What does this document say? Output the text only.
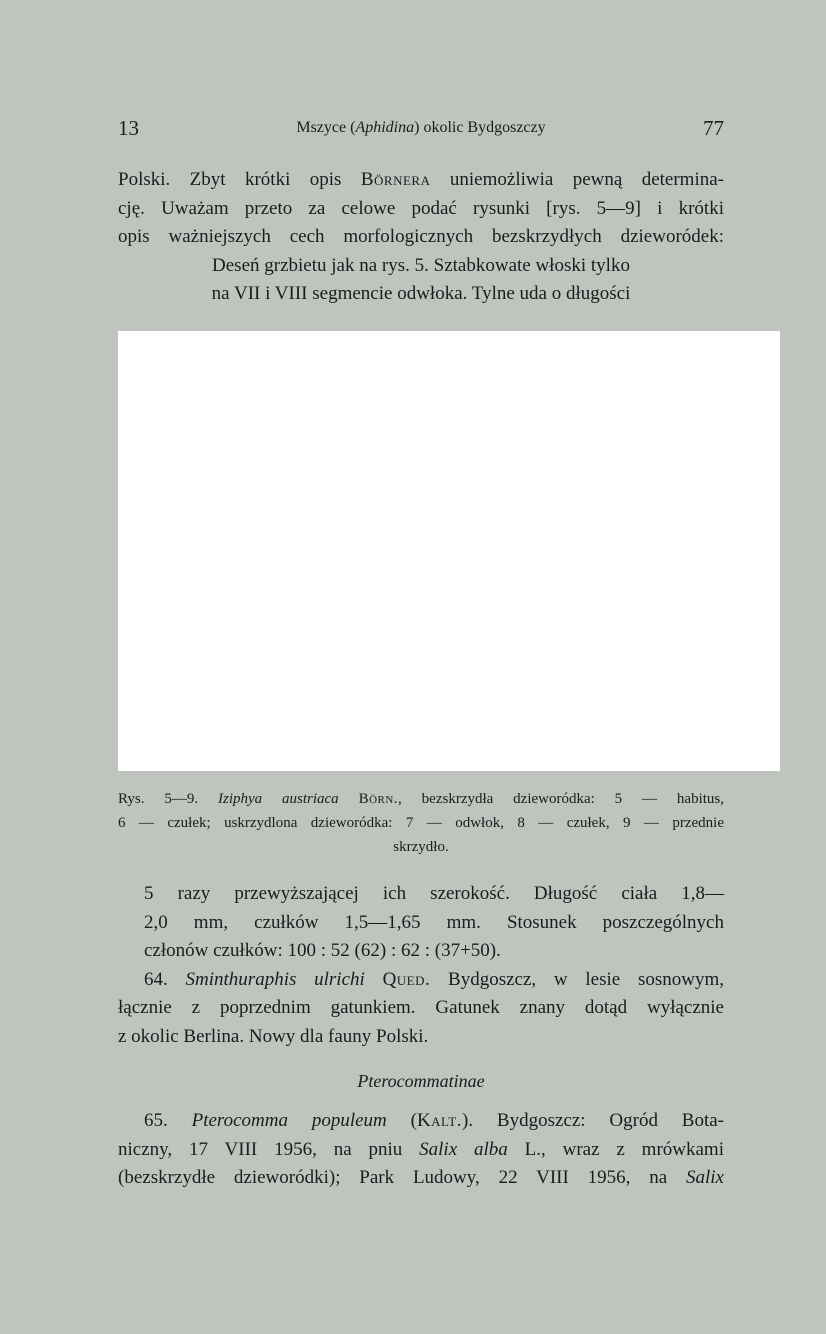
13	Mszyce (Aphidina) okolic Bydgoszczy	77
Polski. Zbyt krótki opis Börnera uniemożliwia pewną determina-
cję. Uważam przeto za celowe podać rysunki [rys. 5—9] i krótki
opis ważniejszych cech morfologicznych bezskrzydłych dzieworódek:
Deseń grzbietu jak na rys. 5. Sztabkowate włoski tylko
na VII i VIII segmencie odwłoka. Tylne uda o długości
Rys. 5—9. Iziphya austriaca Börn., bezskrzydła dzieworódka: 5 — habitus,
6 — czułek; uskrzydlona dzieworódka: 7 — odwłok, 8 — czułek, 9 — przednie
skrzydło.
5 razy przewyższającej ich szerokość. Długość ciała 1,8—
2,0 mm, czułków 1,5—1,65 mm. Stosunek poszczególnych
członów czułków: 100 : 52 (62) : 62 : (37+50).
64. Sminthuraphis ulrichi Qued. Bydgoszcz, w lesie sosnowym,
łącznie z poprzednim gatunkiem. Gatunek znany dotąd wyłącznie
z okolic Berlina. Nowy dla fauny Polski.
Pterocommatinae
65. Pterocomma populeum (Kalt.). Bydgoszcz: Ogród Bota-
niczny, 17 VIII 1956, na pniu Salix alba L., wraz z mrówkami
(bezskrzydłe dzieworódki); Park Ludowy, 22 VIII 1956, na Salix
